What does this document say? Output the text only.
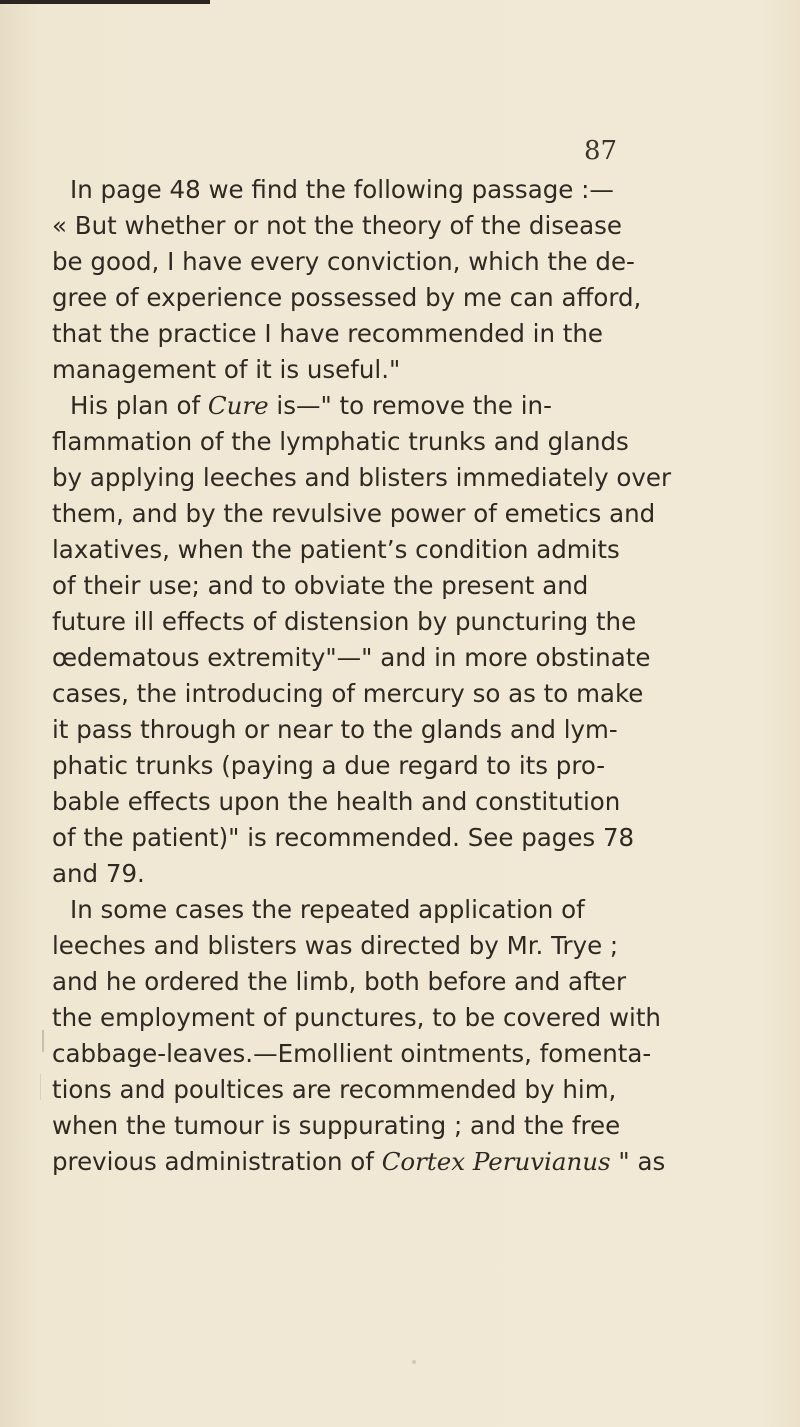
87

In page 48 we find the following passage :—

« But whether or not the theory of the disease

be good, I have every conviction, which the de-

gree of experience possessed by me can afford,

that the practice I have recommended in the

management of it is useful."

His plan of Cure is—" to remove the in-

flammation of the lymphatic trunks and glands

by applying leeches and blisters immediately over

them, and by the revulsive power of emetics and

laxatives, when the patient’s condition admits

of their use; and to obviate the present and

future ill effects of distension by puncturing the

œdematous extremity"—" and in more obstinate

cases, the introducing of mercury so as to make

it pass through or near to the glands and lym-

phatic trunks (paying a due regard to its pro-

bable effects upon the health and constitution

of the patient)" is recommended. See pages 78

and 79.

In some cases the repeated application of

leeches and blisters was directed by Mr. Trye ;

and he ordered the limb, both before and after

the employment of punctures, to be covered with

cabbage-leaves.—Emollient ointments, fomenta-

tions and poultices are recommended by him,

when the tumour is suppurating ; and the free

previous administration of Cortex Peruvianus " as
